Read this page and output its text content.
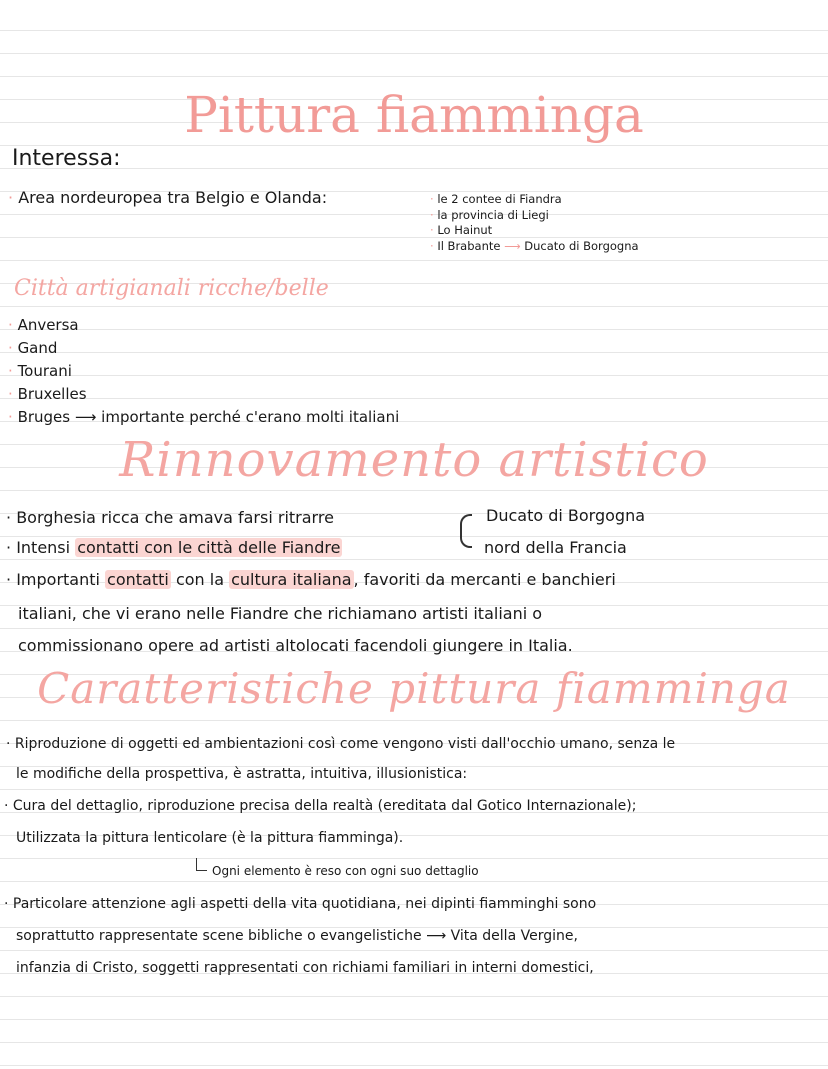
Pittura fiamminga
Interessa:
· Area nordeuropea tra Belgio e Olanda:	· le 2 contee di Fiandra
· la provincia di Liegi
· Lo Hainut
· Il Brabante ⟶ Ducato di Borgogna
Città artigianali ricche/belle
· Anversa
· Gand
· Tourani
· Bruxelles
· Bruges ⟶ importante perché c'erano molti italiani
Rinnovamento artistico
· Borghesia ricca che amava farsi ritrarre
· Intensi contatti con le città delle Fiandre
Ducato di Borgogna
nord della Francia
· Importanti contatti con la cultura italiana , favoriti da mercanti e banchieri
italiani, che vi erano nelle Fiandre che richiamano artisti italiani o
commissionano opere ad artisti altolocati facendoli giungere in Italia.
Caratteristiche pittura fiamminga
· Riproduzione di oggetti ed ambientazioni così come vengono visti dall'occhio umano, senza le
le modifiche della prospettiva, è astratta, intuitiva, illusionistica:
· Cura del dettaglio, riproduzione precisa della realtà (ereditata dal Gotico Internazionale);
Utilizzata la pittura lenticolare (è la pittura fiamminga).
Ogni elemento è reso con ogni suo dettaglio
· Particolare attenzione agli aspetti della vita quotidiana, nei dipinti fiamminghi sono
soprattutto rappresentate scene bibliche o evangelistiche ⟶ Vita della Vergine,
infanzia di Cristo, soggetti rappresentati con richiami familiari in interni domestici,
